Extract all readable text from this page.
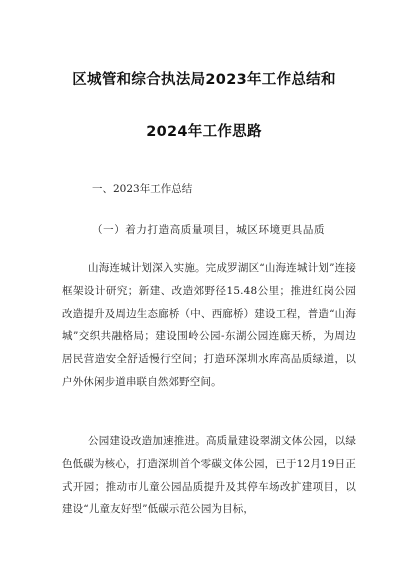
区城管和综合执法局2023年工作总结和
2024年工作思路
一、2023年工作总结
（一）着力打造高质量项目，城区环境更具品质
山海连城计划深入实施。完成罗湖区“山海连城计划”连接框架设计研究；新建、改造郊野径15.48公里；推进红岗公园改造提升及周边生态廊桥（中、西廊桥）建设工程，普造“山海城”交织共融格局；建设围岭公园-东湖公园连廊天桥，为周边居民营造安全舒适慢行空间；打造环深圳水库高品质绿道，以户外休闲步道串联自然郊野空间。
公园建设改造加速推进。高质量建设翠湖文体公园，以绿色低碳为核心，打造深圳首个零碳文体公园，已于12月19日正式开园；推动市儿童公园品质提升及其停车场改扩建项目，以建设“儿童友好型”低碳示范公园为目标，
